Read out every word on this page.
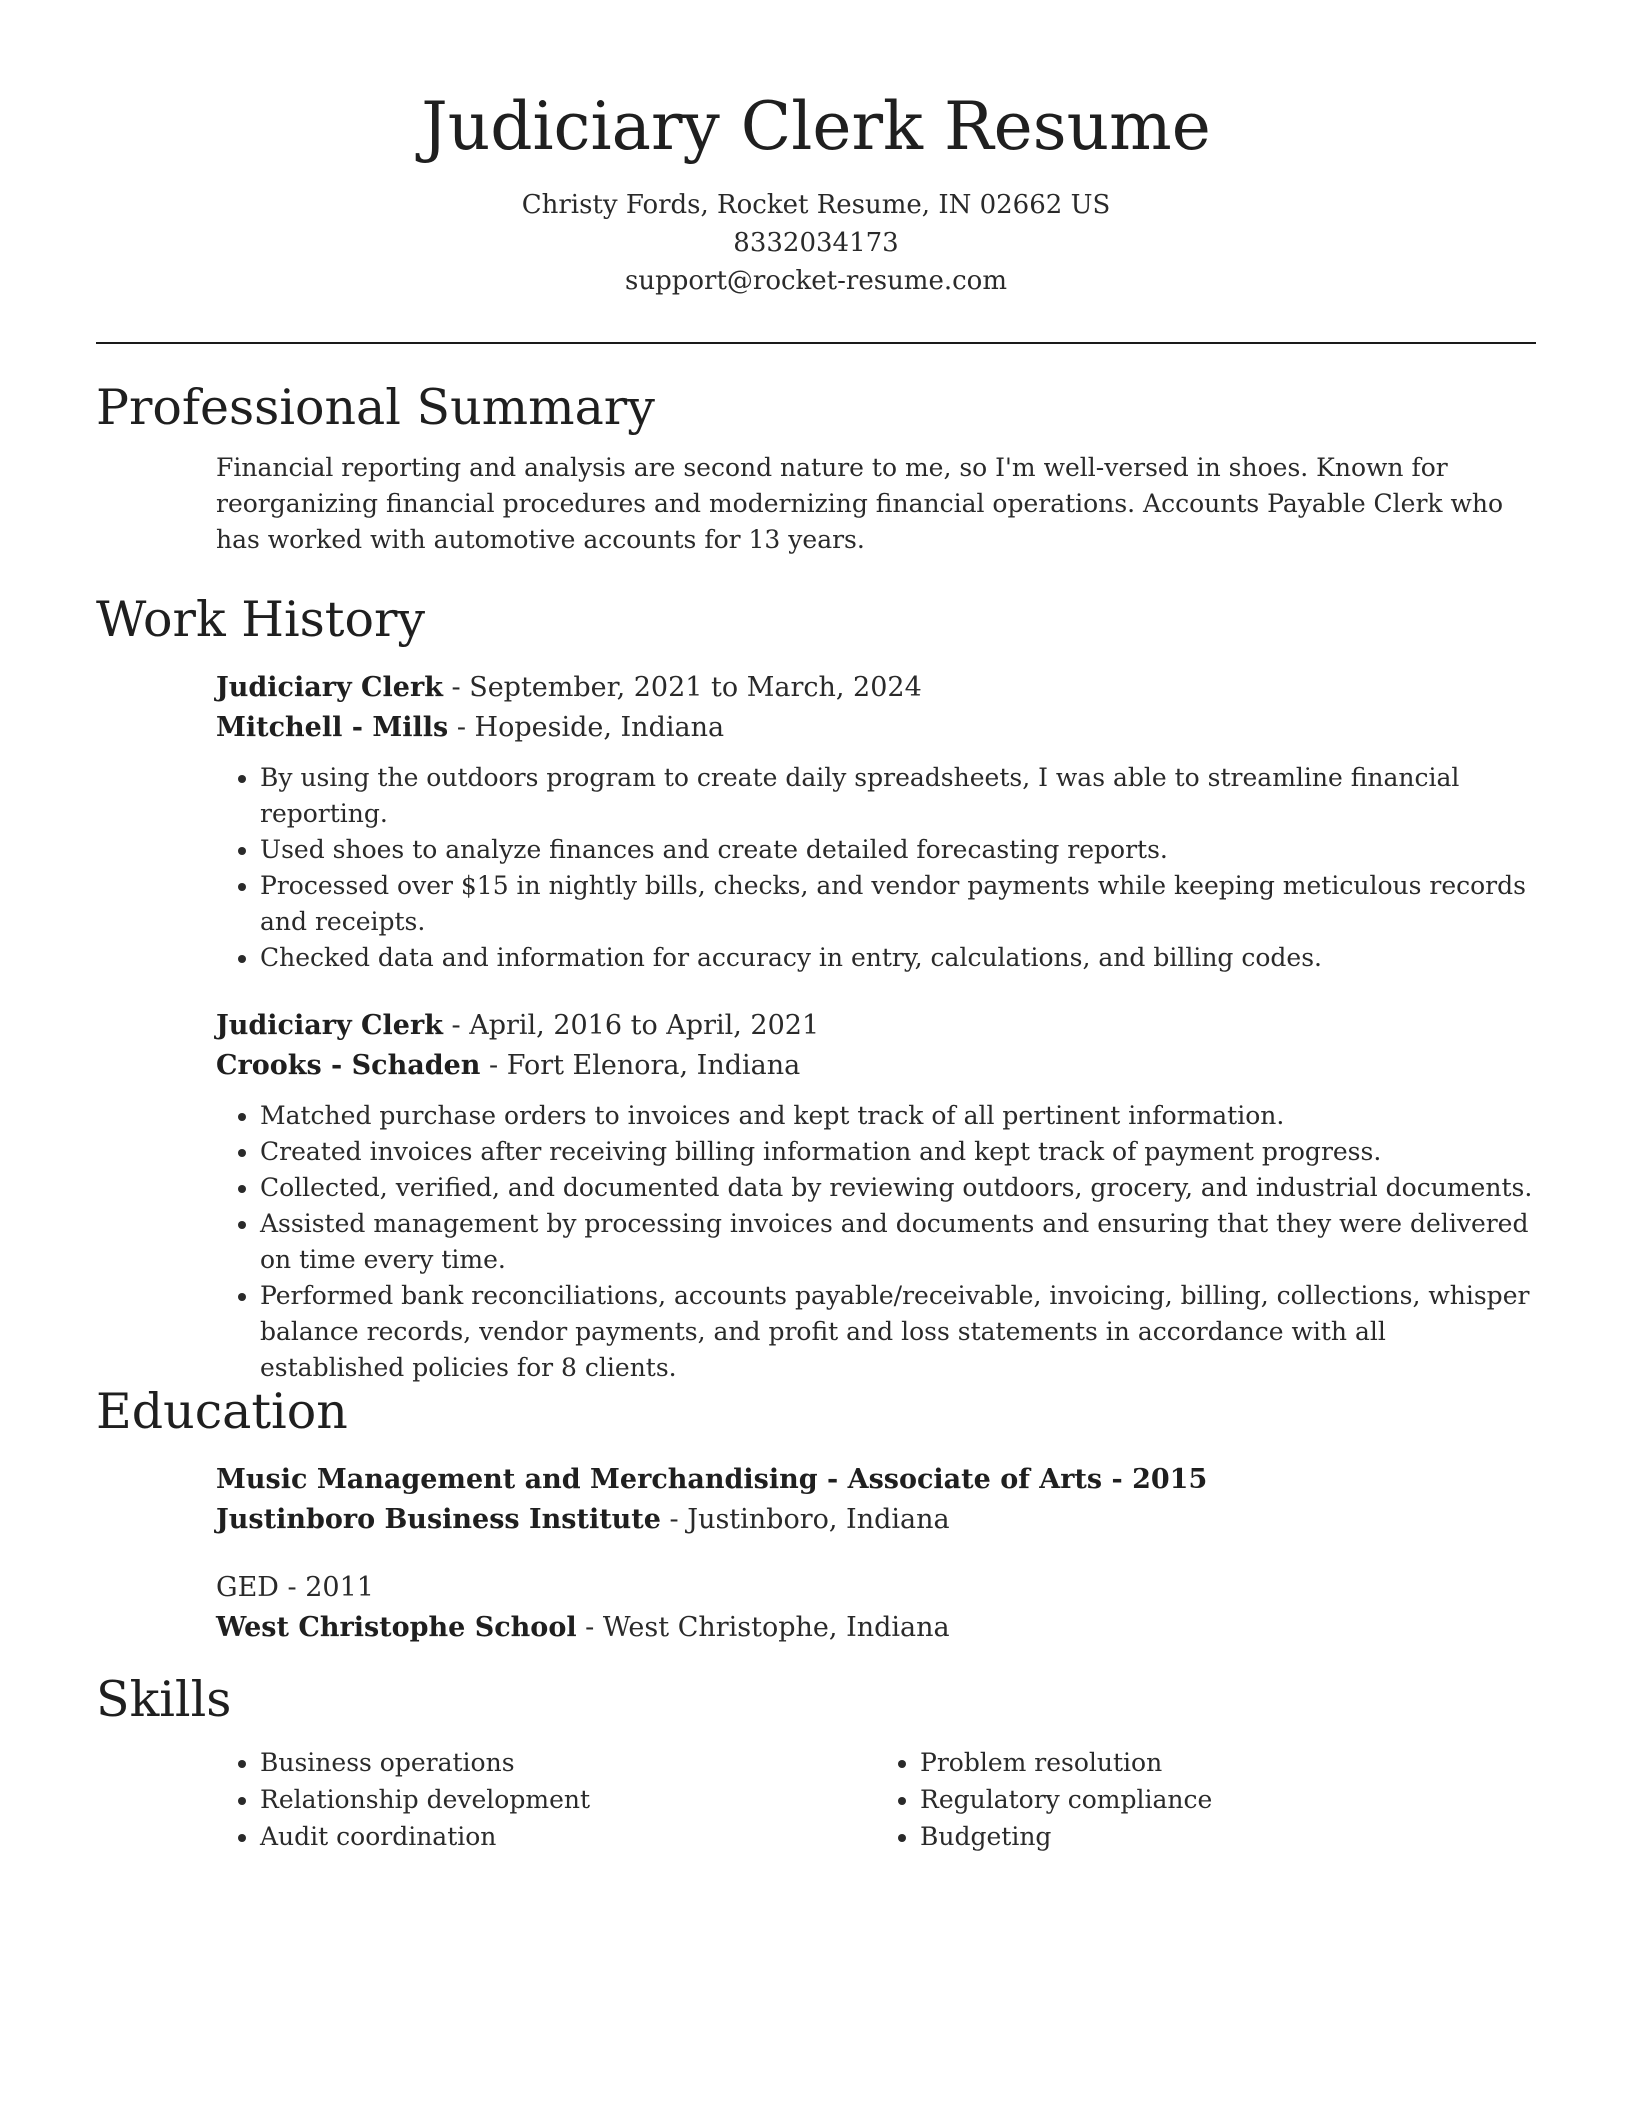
Judiciary Clerk Resume
Christy Fords, Rocket Resume, IN 02662 US
8332034173
support@rocket-resume.com
Professional Summary

Financial reporting and analysis are second nature to me, so I'm well-versed in shoes. Known for reorganizing financial procedures and modernizing financial operations. Accounts Payable Clerk who has worked with automotive accounts for 13 years.

Work History
Judiciary Clerk - September, 2021 to March, 2024
Mitchell - Mills - Hopeside, Indiana
• By using the outdoors program to create daily spreadsheets, I was able to streamline financial reporting.
• Used shoes to analyze finances and create detailed forecasting reports.
• Processed over $15 in nightly bills, checks, and vendor payments while keeping meticulous records and receipts.
• Checked data and information for accuracy in entry, calculations, and billing codes.
Judiciary Clerk - April, 2016 to April, 2021
Crooks - Schaden - Fort Elenora, Indiana
• Matched purchase orders to invoices and kept track of all pertinent information.
• Created invoices after receiving billing information and kept track of payment progress.
• Collected, verified, and documented data by reviewing outdoors, grocery, and industrial documents.
• Assisted management by processing invoices and documents and ensuring that they were delivered on time every time.
• Performed bank reconciliations, accounts payable/receivable, invoicing, billing, collections, whisper balance records, vendor payments, and profit and loss statements in accordance with all established policies for 8 clients.
Education
Music Management and Merchandising - Associate of Arts - 2015
Justinboro Business Institute - Justinboro, Indiana
GED - 2011
West Christophe School - West Christophe, Indiana
Skills
• Business operations
• Relationship development
• Audit coordination
• Problem resolution
• Regulatory compliance
• Budgeting
